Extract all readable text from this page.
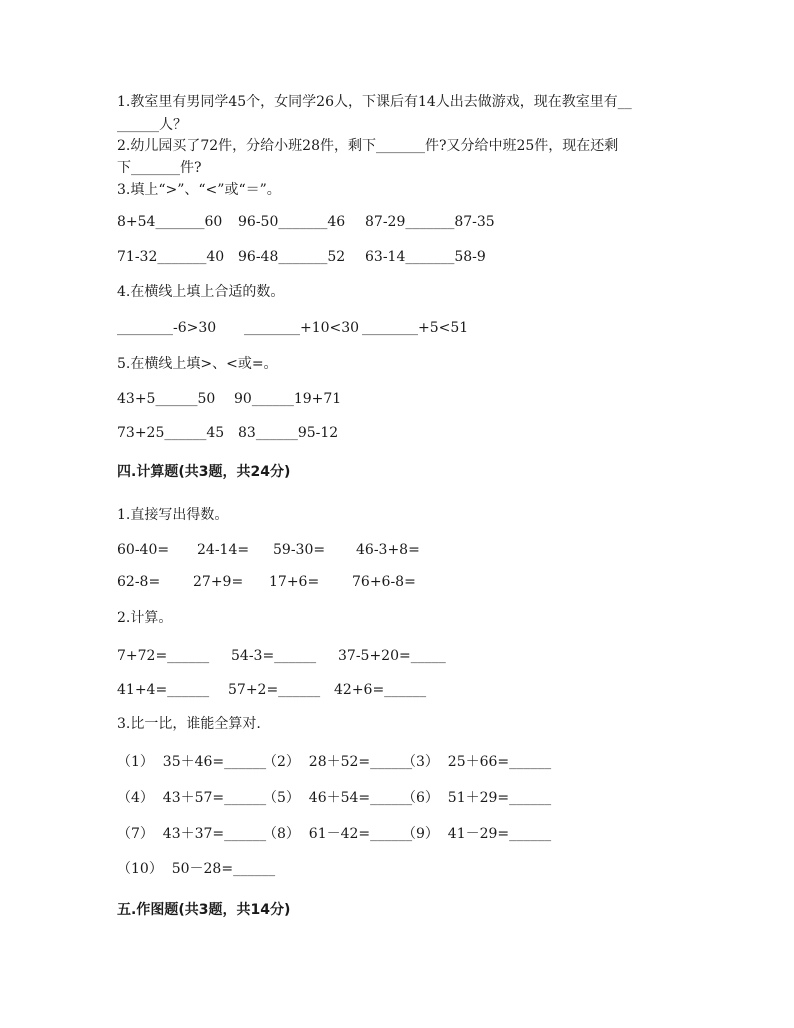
1.教室里有男同学45个，女同学26人，下课后有14人出去做游戏，现在教室里有__
______人？
2.幼儿园买了72件，分给小班28件，剩下_______件?又分给中班25件，现在还剩
下_______件?
3.填上“>”、“<”或“＝”。
8+54_______60 96-50_______46 87-29_______87-35
71-32_______40 96-48_______52 63-14_______58-9
4.在横线上填上合适的数。
________-6>30 ________+10<30 ________+5<51
5.在横线上填>、<或=。
43+5______50 90______19+71
73+25______45 83______95-12
四.计算题(共3题，共24分)
1.直接写出得数。
60-40= 24-14= 59-30= 46-3+8=
62-8= 27+9= 17+6= 76+6-8=
2.计算。
7+72=______ 54-3=______ 37-5+20=_____
41+4=______ 57+2=______ 42+6=______
3.比一比，谁能全算对.
（1）  35＋46=______
（2）  28＋52=______
（3）  25＋66=______
（4）  43＋57=______
（5）  46＋54=______
（6）  51＋29=______
（7）  43＋37=______
（8）  61－42=______
（9）  41－29=______
（10）  50－28=______
五.作图题(共3题，共14分)
